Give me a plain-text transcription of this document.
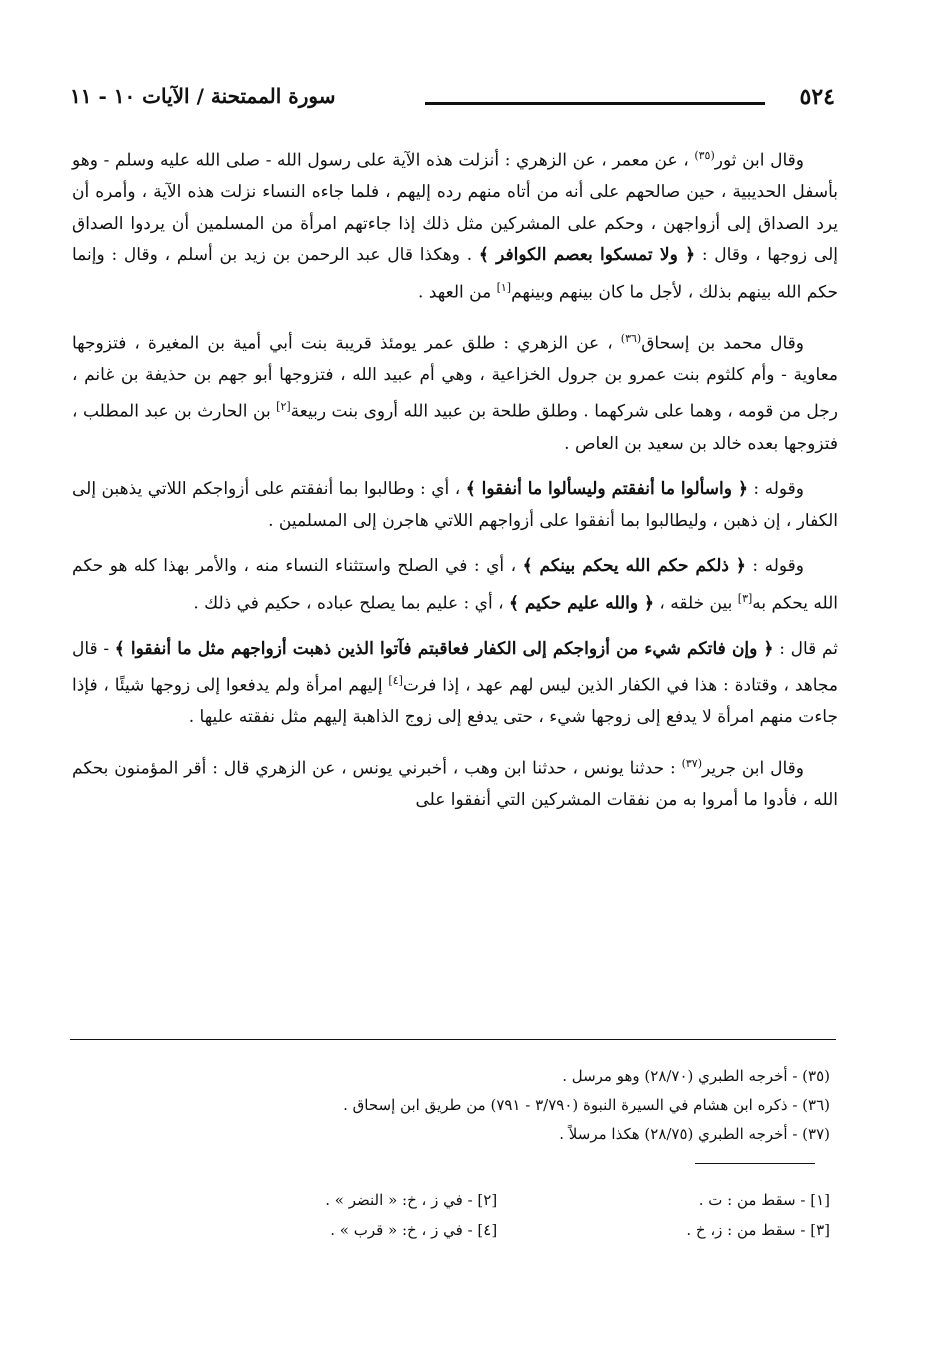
٥٢٤
سورة الممتحنة / الآيات ١٠ - ١١

وقال ابن ثور$^{(٣٥)}$ ، عن معمر ، عن الزهري : أنزلت هذه الآية على رسول الله - صلى الله عليه وسلم - وهو بأسفل الحديبية ، حين صالحهم على أنه من أتاه منهم رده إليهم ، فلما جاءه النساء نزلت هذه الآية ، وأمره أن يرد الصداق إلى أزواجهن ، وحكم على المشركين مثل ذلك إذا جاءتهم امرأة من المسلمين أن يردوا الصداق إلى زوجها ، وقال : ﴿ ولا تمسكوا بعصم الكوافر ﴾ . وهكذا قال عبد الرحمن بن زيد بن أسلم ، وقال : وإنما حكم الله بينهم بذلك ، لأجل ما كان بينهم وبينهم[١] من العهد .

وقال محمد بن إسحاق$^{(٣٦)}$ ، عن الزهري : طلق عمر يومئذ قريبة بنت أبي أمية بن المغيرة ، فتزوجها معاوية - وأم كلثوم بنت عمرو بن جرول الخزاعية ، وهي أم عبيد الله ، فتزوجها أبو جهم بن حذيفة بن غانم ، رجل من قومه ، وهما على شركهما . وطلق طلحة بن عبيد الله أروى بنت ربيعة[٢] بن الحارث بن عبد المطلب ، فتزوجها بعده خالد بن سعيد بن العاص .

وقوله : ﴿ واسألوا ما أنفقتم وليسألوا ما أنفقوا ﴾ ، أي : وطالبوا بما أنفقتم على أزواجكم اللاتي يذهبن إلى الكفار ، إن ذهبن ، وليطالبوا بما أنفقوا على أزواجهم اللاتي هاجرن إلى المسلمين .

وقوله : ﴿ ذلكم حكم الله يحكم بينكم ﴾ ، أي : في الصلح واستثناء النساء منه ، والأمر بهذا كله هو حكم الله يحكم به[٣] بين خلقه ، ﴿ والله عليم حكيم ﴾ ، أي : عليم بما يصلح عباده ، حكيم في ذلك .

ثم قال : ﴿ وإن فاتكم شيء من أزواجكم إلى الكفار فعاقبتم فآتوا الذين ذهبت أزواجهم مثل ما أنفقوا ﴾ - قال مجاهد ، وقتادة : هذا في الكفار الذين ليس لهم عهد ، إذا فرت[٤] إليهم امرأة ولم يدفعوا إلى زوجها شيئًا ، فإذا جاءت منهم امرأة لا يدفع إلى زوجها شيء ، حتى يدفع إلى زوج الذاهبة إليهم مثل نفقته عليها .

وقال ابن جرير$^{(٣٧)}$ : حدثنا يونس ، حدثنا ابن وهب ، أخبرني يونس ، عن الزهري قال : أقر المؤمنون بحكم الله ، فأدوا ما أمروا به من نفقات المشركين التي أنفقوا على

(٣٥) - أخرجه الطبري (٢٨/٧٠) وهو مرسل .

(٣٦) - ذكره ابن هشام في السيرة النبوة (٣/٧٩٠ - ٧٩١) من طريق ابن إسحاق .

(٣٧) - أخرجه الطبري (٢٨/٧٥) هكذا مرسلاً .

[١] - سقط من : ت .
[٢] - في ز ، خ: « النضر » .
[٣] - سقط من : ز، خ .
[٤] - في ز ، خ: « قرب » .
